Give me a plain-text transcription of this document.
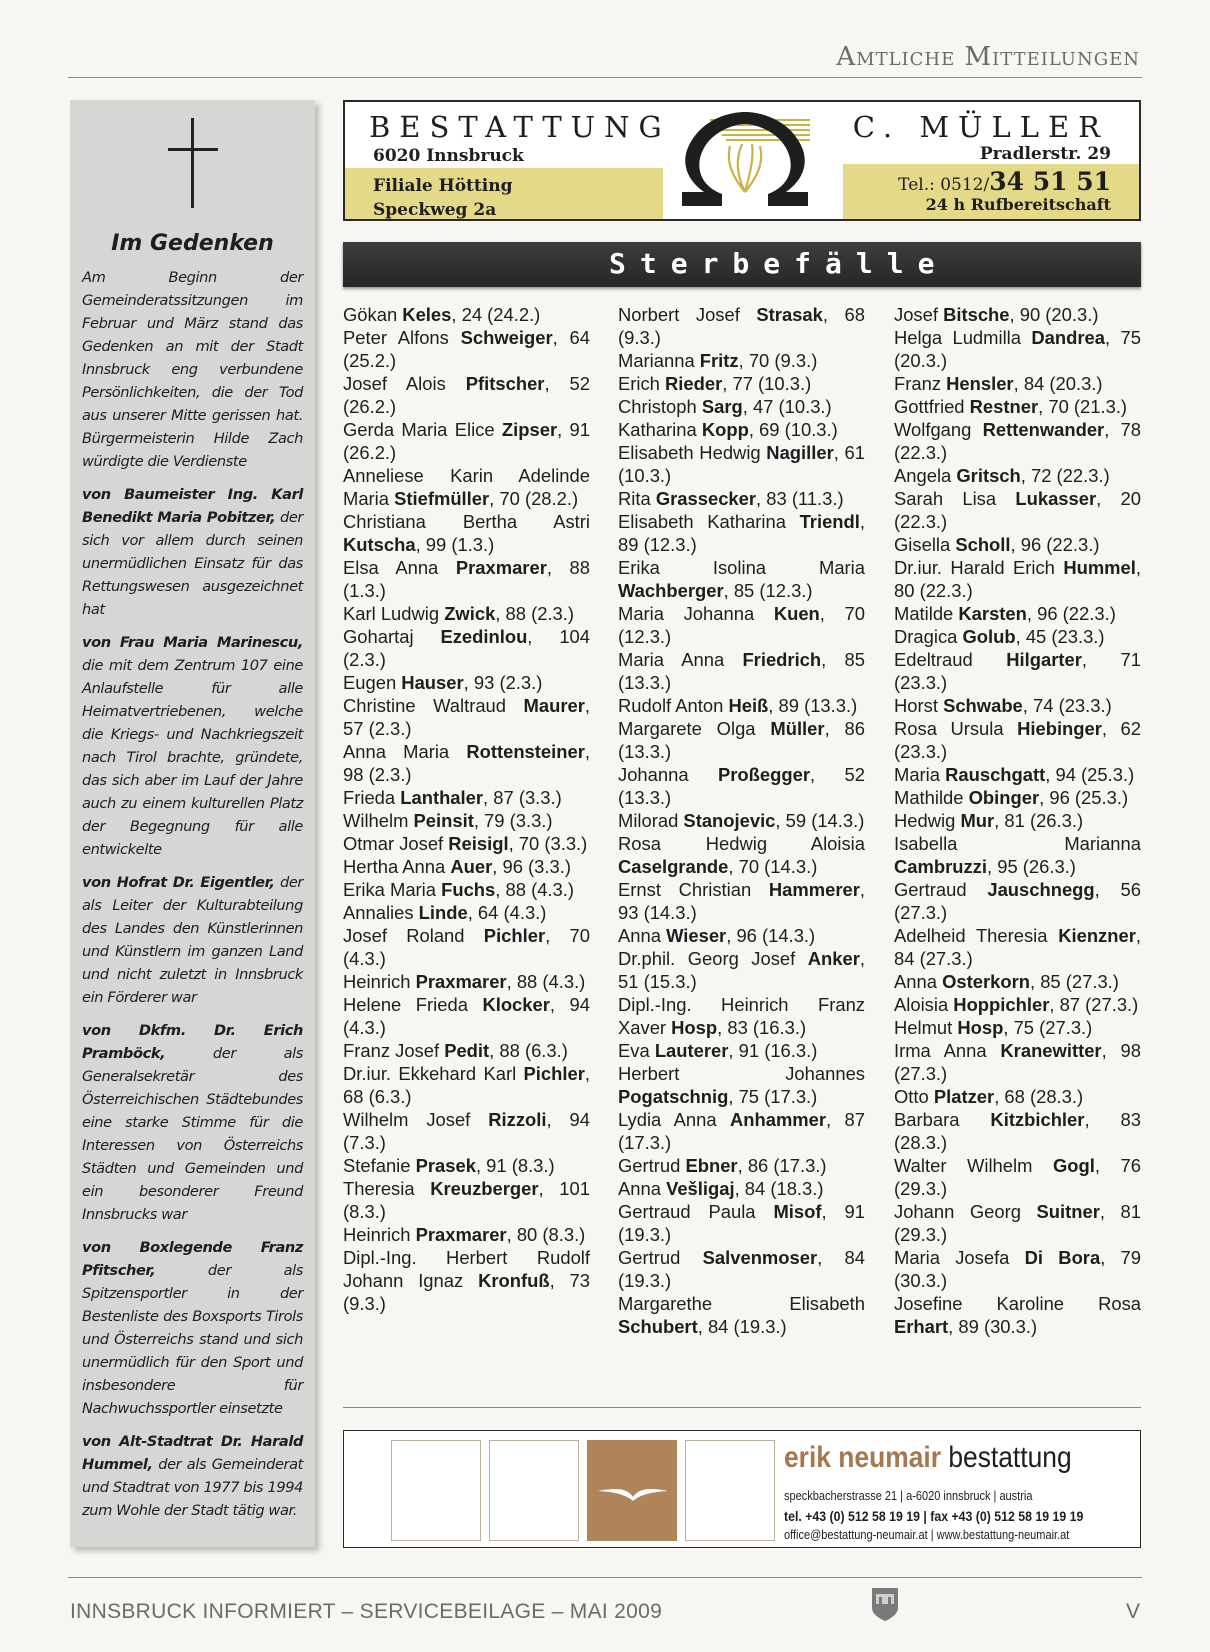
Amtliche Mitteilungen
Im Gedenken

Am Beginn der Gemeinderatssitzungen im Februar und März stand das Gedenken an mit der Stadt Innsbruck eng verbundene Persönlichkeiten, die der Tod aus unserer Mitte gerissen hat. Bürgermeisterin Hilde Zach würdigte die Verdienste

von Baumeister Ing. Karl Benedikt Maria Pobitzer, der sich vor allem durch seinen unermüdlichen Einsatz für das Rettungswesen ausgezeichnet hat

von Frau Maria Marinescu, die mit dem Zentrum 107 eine Anlaufstelle für alle Heimatvertriebenen, welche die Kriegs- und Nachkriegszeit nach Tirol brachte, gründete, das sich aber im Lauf der Jahre auch zu einem kulturellen Platz der Begegnung für alle entwickelte

von Hofrat Dr. Eigentler, der als Leiter der Kulturabteilung des Landes den Künstlerinnen und Künstlern im ganzen Land und nicht zuletzt in Innsbruck ein Förderer war

von Dkfm. Dr. Erich Pramböck, der als Generalsekretär des Österreichischen Städtebundes eine starke Stimme für die Interessen von Österreichs Städten und Gemeinden und ein besonderer Freund Innsbrucks war

von Boxlegende Franz Pfitscher, der als Spitzensportler in der Bestenliste des Boxsports Tirols und Österreichs stand und sich unermüdlich für den Sport und insbesondere für Nachwuchssportler einsetzte

von Alt-Stadtrat Dr. Harald Hummel, der als Gemeinderat und Stadtrat von 1977 bis 1994 zum Wohle der Stadt tätig war.

BESTATTUNG	C. MÜLLER
6020 Innsbruck	Pradlerstr. 29
Filiale Hötting
Speckweg 2a
Tel.: 0512/34 51 51
24 h Rufbereitschaft
Sterbefälle
Gökan Keles, 24 (24.2.)
Peter Alfons Schweiger, 64 (25.2.)
Josef Alois Pfitscher, 52 (26.2.)
Gerda Maria Elice Zipser, 91 (26.2.)
Anneliese Karin Adelinde Maria Stiefmüller, 70 (28.2.)
Christiana Bertha Astri Kutscha, 99 (1.3.)
Elsa Anna Praxmarer, 88 (1.3.)
Karl Ludwig Zwick, 88 (2.3.)
Gohartaj Ezedinlou, 104 (2.3.)
Eugen Hauser, 93 (2.3.)
Christine Waltraud Maurer, 57 (2.3.)
Anna Maria Rottensteiner, 98 (2.3.)
Frieda Lanthaler, 87 (3.3.)
Wilhelm Peinsit, 79 (3.3.)
Otmar Josef Reisigl, 70 (3.3.)
Hertha Anna Auer, 96 (3.3.)
Erika Maria Fuchs, 88 (4.3.)
Annalies Linde, 64 (4.3.)
Josef Roland Pichler, 70 (4.3.)
Heinrich Praxmarer, 88 (4.3.)
Helene Frieda Klocker, 94 (4.3.)
Franz Josef Pedit, 88 (6.3.)
Dr.iur. Ekkehard Karl Pichler, 68 (6.3.)
Wilhelm Josef Rizzoli, 94 (7.3.)
Stefanie Prasek, 91 (8.3.)
Theresia Kreuzberger, 101 (8.3.)
Heinrich Praxmarer, 80 (8.3.)
Dipl.-Ing. Herbert Rudolf Johann Ignaz Kronfuß, 73 (9.3.)
Norbert Josef Strasak, 68 (9.3.)
Marianna Fritz, 70 (9.3.)
Erich Rieder, 77 (10.3.)
Christoph Sarg, 47 (10.3.)
Katharina Kopp, 69 (10.3.)
Elisabeth Hedwig Nagiller, 61 (10.3.)
Rita Grassecker, 83 (11.3.)
Elisabeth Katharina Triendl, 89 (12.3.)
Erika Isolina Maria Wachberger, 85 (12.3.)
Maria Johanna Kuen, 70 (12.3.)
Maria Anna Friedrich, 85 (13.3.)
Rudolf Anton Heiß, 89 (13.3.)
Margarete Olga Müller, 86 (13.3.)
Johanna Proßegger, 52 (13.3.)
Milorad Stanojevic, 59 (14.3.)
Rosa Hedwig Aloisia Caselgrande, 70 (14.3.)
Ernst Christian Hammerer, 93 (14.3.)
Anna Wieser, 96 (14.3.)
Dr.phil. Georg Josef Anker, 51 (15.3.)
Dipl.-Ing. Heinrich Franz Xaver Hosp, 83 (16.3.)
Eva Lauterer, 91 (16.3.)
Herbert Johannes Pogatschnig, 75 (17.3.)
Lydia Anna Anhammer, 87 (17.3.)
Gertrud Ebner, 86 (17.3.)
Anna Vešligaj, 84 (18.3.)
Gertraud Paula Misof, 91 (19.3.)
Gertrud Salvenmoser, 84 (19.3.)
Margarethe Elisabeth Schubert, 84 (19.3.)
Josef Bitsche, 90 (20.3.)
Helga Ludmilla Dandrea, 75 (20.3.)
Franz Hensler, 84 (20.3.)
Gottfried Restner, 70 (21.3.)
Wolfgang Rettenwander, 78 (22.3.)
Angela Gritsch, 72 (22.3.)
Sarah Lisa Lukasser, 20 (22.3.)
Gisella Scholl, 96 (22.3.)
Dr.iur. Harald Erich Hummel, 80 (22.3.)
Matilde Karsten, 96 (22.3.)
Dragica Golub, 45 (23.3.)
Edeltraud Hilgarter, 71 (23.3.)
Horst Schwabe, 74 (23.3.)
Rosa Ursula Hiebinger, 62 (23.3.)
Maria Rauschgatt, 94 (25.3.)
Mathilde Obinger, 96 (25.3.)
Hedwig Mur, 81 (26.3.)
Isabella Marianna Cambruzzi, 95 (26.3.)
Gertraud Jauschnegg, 56 (27.3.)
Adelheid Theresia Kienzner, 84 (27.3.)
Anna Osterkorn, 85 (27.3.)
Aloisia Hoppichler, 87 (27.3.)
Helmut Hosp, 75 (27.3.)
Irma Anna Kranewitter, 98 (27.3.)
Otto Platzer, 68 (28.3.)
Barbara Kitzbichler, 83 (28.3.)
Walter Wilhelm Gogl, 76 (29.3.)
Johann Georg Suitner, 81 (29.3.)
Maria Josefa Di Bora, 79 (30.3.)
Josefine Karoline Rosa Erhart, 89 (30.3.)
erik neumair bestattung
speckbacherstrasse 21 | a-6020 innsbruck | austria
tel. +43 (0) 512 58 19 19 | fax +43 (0) 512 58 19 19 19
office@bestattung-neumair.at | www.bestattung-neumair.at
INNSBRUCK INFORMIERT – SERVICEBEILAGE – MAI 2009	V
